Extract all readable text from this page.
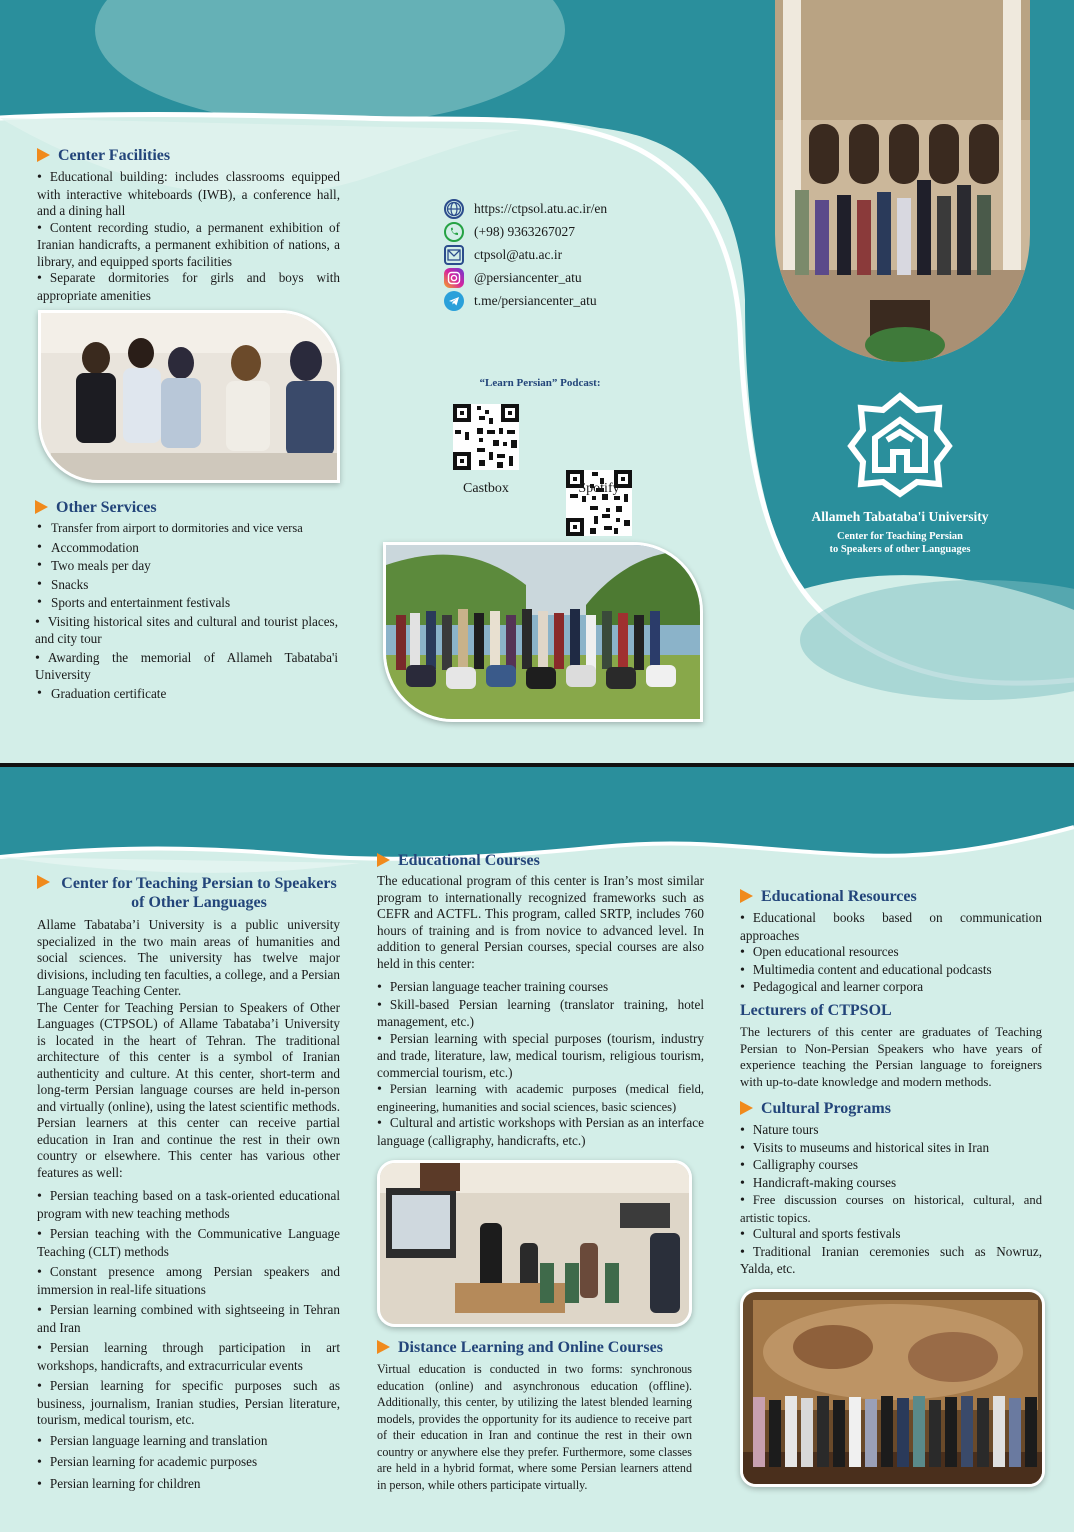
Allameh Tabataba'i University
Center for Teaching Persian
to Speakers of other Languages
Center Facilities
• Educational building: includes classrooms equipped with interactive whiteboards (IWB), a conference hall, and a dining hall
• Content recording studio, a permanent exhibition of Iranian handicrafts, a permanent exhibition of nations, a library, and equipped sports facilities
• Separate dormitories for girls and boys with appropriate amenities
Other Services
• Transfer from airport to dormitories and vice versa
• Accommodation
• Two meals per day
• Snacks
• Sports and entertainment festivals
• Visiting historical sites and cultural and tourist places, and city tour
• Awarding the memorial of Allameh Tabataba'i University
• Graduation certificate
https://ctpsol.atu.ac.ir/en
(+98) 9363267027
ctpsol@atu.ac.ir
@persiancenter_atu
t.me/persiancenter_atu
“Learn Persian” Podcast:
Castbox	Spotify
Center for Teaching Persian to Speakers of Other Languages

Allame Tabataba’i University is a public university specialized in the two main areas of humanities and social sciences. The university has twelve major divisions, including ten faculties, a college, and a Persian Language Teaching Center.

The Center for Teaching Persian to Speakers of Other Languages (CTPSOL) of Allame Tabataba’i University is located in the heart of Tehran. The traditional architecture of this center is a symbol of Iranian authenticity and culture. At this center, short-term and long-term Persian language courses are held in-person and virtually (online), using the latest scientific methods. Persian learners at this center can receive partial education in Iran and continue the rest in their own country or elsewhere. This center has various other features as well:

• Persian teaching based on a task-oriented educational program with new teaching methods
• Persian teaching with the Communicative Language Teaching (CLT) methods
• Constant presence among Persian speakers and immersion in real-life situations
• Persian learning combined with sightseeing in Tehran and Iran
• Persian learning through participation in art workshops, handicrafts, and extracurricular events
• Persian learning for specific purposes such as business, journalism, Iranian studies, Persian literature, tourism, medical tourism, etc.
• Persian language learning and translation
• Persian learning for academic purposes
• Persian learning for children
Educational Courses

The educational program of this center is Iran’s most similar program to internationally recognized frameworks such as CEFR and ACTFL. This program, called SRTP, includes 760 hours of training and is from novice to advanced level. In addition to general Persian courses, special courses are also held in this center:

• Persian language teacher training courses
• Skill-based Persian learning (translator training, hotel management, etc.)
• Persian learning with special purposes (tourism, industry and trade, literature, law, medical tourism, religious tourism, commercial tourism, etc.)
• Persian learning with academic purposes (medical field, engineering, humanities and social sciences, basic sciences)
• Cultural and artistic workshops with Persian as an interface language (calligraphy, handicrafts, etc.)
Distance Learning and Online Courses

Virtual education is conducted in two forms: synchronous education (online) and asynchronous education (offline). Additionally, this center, by utilizing the latest blended learning models, provides the opportunity for its audience to receive part of their education in Iran and continue the rest in their own country or anywhere else they prefer. Furthermore, some classes are held in a hybrid format, where some Persian learners attend in person, while others participate virtually.

Educational Resources
• Educational books based on communication approaches
• Open educational resources
• Multimedia content and educational podcasts
• Pedagogical and learner corpora
Lecturers of CTPSOL

The lecturers of this center are graduates of Teaching Persian to Non-Persian Speakers who have years of experience teaching the Persian language to foreigners with up-to-date knowledge and modern methods.

Cultural Programs
• Nature tours
• Visits to museums and historical sites in Iran
• Calligraphy courses
• Handicraft-making courses
• Free discussion courses on historical, cultural, and artistic topics.
• Cultural and sports festivals
• Traditional Iranian ceremonies such as Nowruz, Yalda, etc.
